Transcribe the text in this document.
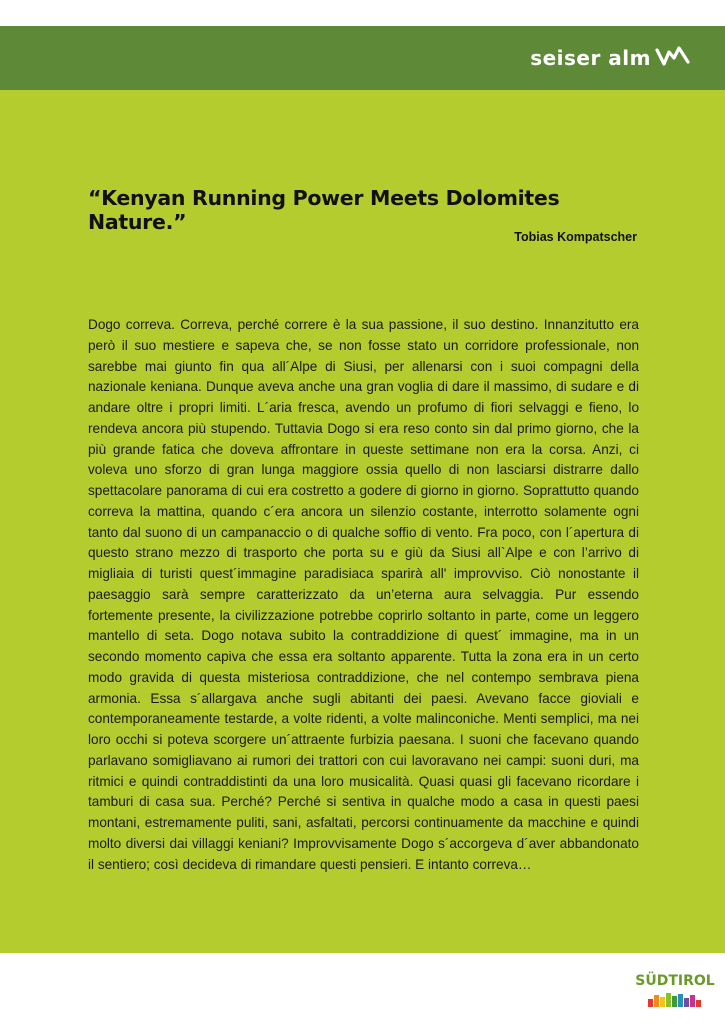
seiser alm
“Kenyan Running Power Meets Dolomites Nature.”

Tobias Kompatscher

Dogo correva. Correva, perché correre è la sua passione, il suo destino. Innanzitutto era però il suo mestiere e sapeva che, se non fosse stato un corridore professionale, non sarebbe mai giunto fin qua all´Alpe di Siusi, per allenarsi con i suoi compagni della nazionale keniana. Dunque aveva anche una gran voglia di dare il massimo, di sudare e di andare oltre i propri limiti. L´aria fresca, avendo un profumo di fiori selvaggi e fieno, lo rendeva ancora più stupendo. Tuttavia Dogo si era reso conto sin dal primo giorno, che la più grande fatica che doveva affrontare in queste settimane non era la corsa. Anzi, ci voleva uno sforzo di gran lunga maggiore ossia quello di non lasciarsi distrarre dallo spettacolare panorama di cui era costretto a godere di giorno in giorno. Soprattutto quando correva la mattina, quando c´era ancora un silenzio costante, interrotto solamente ogni tanto dal suono di un campanaccio o di qualche soffio di vento. Fra poco, con l´apertura di questo strano mezzo di trasporto che porta su e giù da Siusi all`Alpe e con l’arrivo di migliaia di turisti quest´immagine paradisiaca sparirà all' improvviso. Ciò nonostante il paesaggio sarà sempre caratterizzato da un’eterna aura selvaggia. Pur essendo fortemente presente, la civilizzazione potrebbe coprirlo soltanto in parte, come un leggero mantello di seta. Dogo notava subito la contraddizione di quest´ immagine, ma in un secondo momento capiva che essa era soltanto apparente. Tutta la zona era in un certo modo gravida di questa misteriosa contraddizione, che nel contempo sembrava piena armonia. Essa s´allargava anche sugli abitanti dei paesi. Avevano facce gioviali e contemporaneamente testarde, a volte ridenti, a volte malinconiche. Menti semplici, ma nei loro occhi si poteva scorgere un´attraente furbizia paesana. I suoni che facevano quando parlavano somigliavano ai rumori dei trattori con cui lavoravano nei campi: suoni duri, ma ritmici e quindi contraddistinti da una loro musicalità. Quasi quasi gli facevano ricordare i tamburi di casa sua. Perché? Perché si sentiva in qualche modo a casa in questi paesi montani, estremamente puliti, sani, asfaltati, percorsi continuamente da macchine e quindi molto diversi dai villaggi keniani? Improvvisamente Dogo s´accorgeva d´aver abbandonato il sentiero; così decideva di rimandare questi pensieri. E intanto correva…

SÜDTIROL
